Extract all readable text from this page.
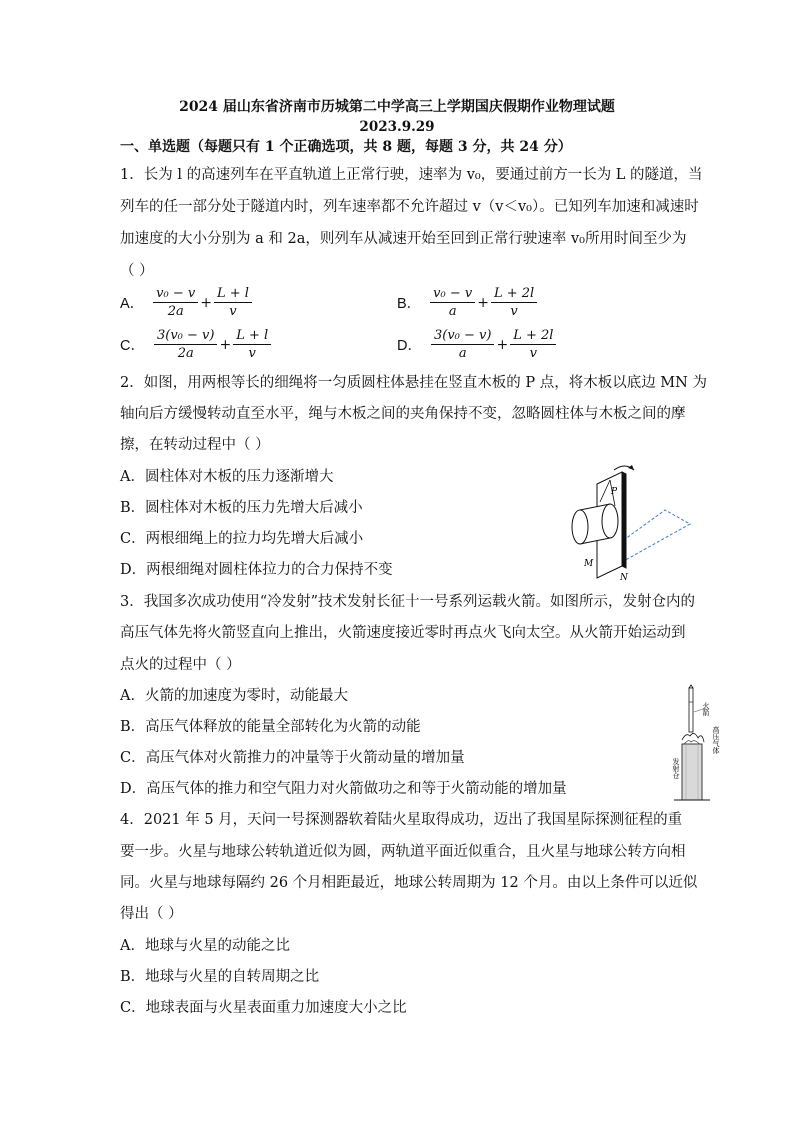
2024 届山东省济南市历城第二中学高三上学期国庆假期作业物理试题
2023.9.29
一、单选题（每题只有 1 个正确选项，共 8 题，每题 3 分，共 24 分）
1．长为 l 的高速列车在平直轨道上正常行驶，速率为 v₀，要通过前方一长为 L 的隧道，当
列车的任一部分处于隧道内时，列车速率都不允许超过 v（v＜v₀）。已知列车加速和减速时
加速度的大小分别为 a 和 2a，则列车从减速开始至回到正常行驶速率 v₀所用时间至少为
（ ）
A． $\frac{\text{v₀ − v}}{2a} + \frac{L + l}{v}$	B． $\frac{\text{v₀ − v}}{a} + \frac{L + 2l}{v}$
C． $\frac{\text{3(v₀ − v)}}{2a} + \frac{L + l}{v}$	D． $\frac{\text{3(v₀ − v)}}{a} + \frac{L + 2l}{v}$
2．如图，用两根等长的细绳将一匀质圆柱体悬挂在竖直木板的 P 点，将木板以底边 MN 为
轴向后方缓慢转动直至水平，绳与木板之间的夹角保持不变，忽略圆柱体与木板之间的摩
擦，在转动过程中（ ）
A．圆柱体对木板的压力逐渐增大
B．圆柱体对木板的压力先增大后减小
C．两根细绳上的拉力均先增大后减小
D．两根细绳对圆柱体拉力的合力保持不变
P
M
N
3．我国多次成功使用“冷发射”技术发射长征十一号系列运载火箭。如图所示，发射仓内的
高压气体先将火箭竖直向上推出，火箭速度接近零时再点火飞向太空。从火箭开始运动到
点火的过程中（ ）
A．火箭的加速度为零时，动能最大
B．高压气体释放的能量全部转化为火箭的动能
C．高压气体对火箭推力的冲量等于火箭动量的增加量
D．高压气体的推力和空气阻力对火箭做功之和等于火箭动能的增加量
火箭
高压气体
发射仓
4．2021 年 5 月，天问一号探测器软着陆火星取得成功，迈出了我国星际探测征程的重
要一步。火星与地球公转轨道近似为圆，两轨道平面近似重合，且火星与地球公转方向相
同。火星与地球每隔约 26 个月相距最近，地球公转周期为 12 个月。由以上条件可以近似
得出（ ）
A．地球与火星的动能之比
B．地球与火星的自转周期之比
C．地球表面与火星表面重力加速度大小之比
